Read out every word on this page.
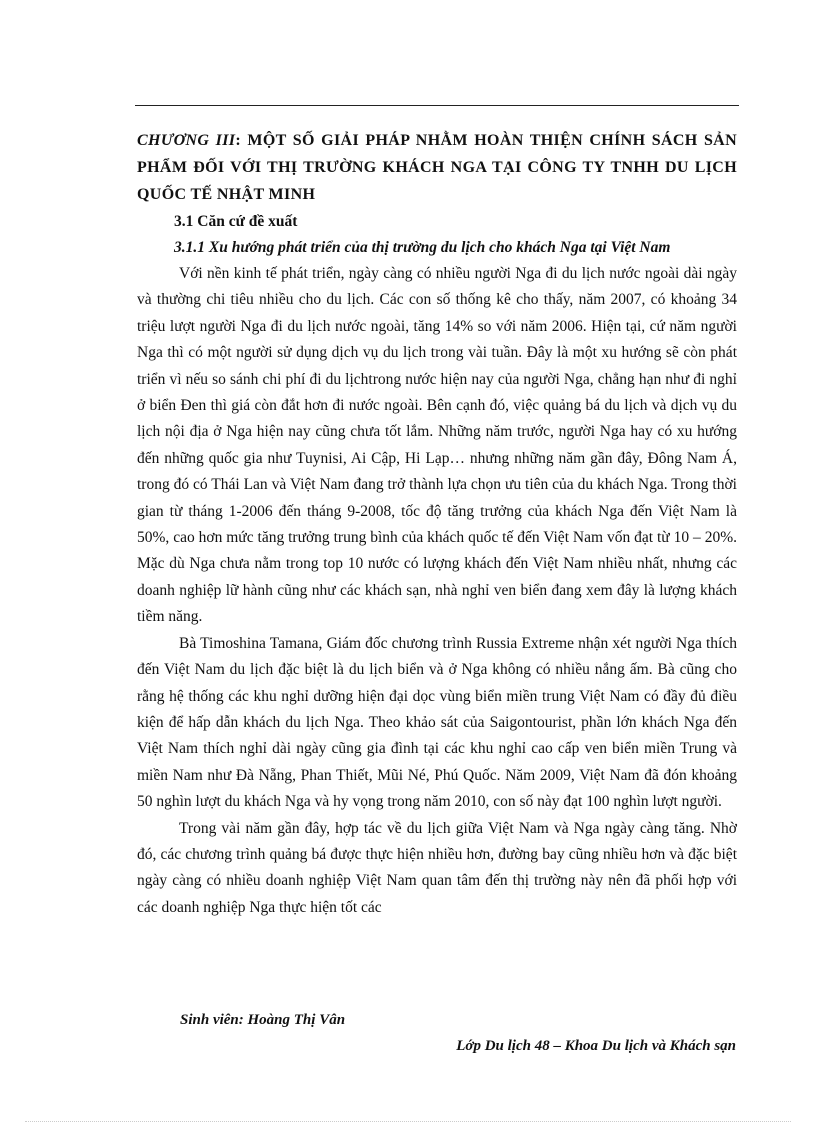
CHƯƠNG III: MỘT SỐ GIẢI PHÁP NHẰM HOÀN THIỆN CHÍNH SÁCH SẢN PHẨM ĐỐI VỚI THỊ TRƯỜNG KHÁCH NGA TẠI CÔNG TY TNHH DU LỊCH QUỐC TẾ NHẬT MINH
3.1 Căn cứ đề xuất
3.1.1 Xu hướng phát triển của thị trường du lịch cho khách Nga tại Việt Nam

Với nền kinh tế phát triển, ngày càng có nhiều người Nga đi du lịch nước ngoài dài ngày và thường chi tiêu nhiều cho du lịch. Các con số thống kê cho thấy, năm 2007, có khoảng 34 triệu lượt người Nga đi du lịch nước ngoài, tăng 14% so với năm 2006. Hiện tại, cứ năm người Nga thì có một người sử dụng dịch vụ du lịch trong vài tuần. Đây là một xu hướng sẽ còn phát triển vì nếu so sánh chi phí đi du lịchtrong nước hiện nay của người Nga, chẳng hạn như đi nghỉ ở biển Đen thì giá còn đắt hơn đi nước ngoài. Bên cạnh đó, việc quảng bá du lịch và dịch vụ du lịch nội địa ở Nga hiện nay cũng chưa tốt lắm. Những năm trước, người Nga hay có xu hướng đến những quốc gia như Tuynisi, Ai Cập, Hi Lạp… nhưng những năm gần đây, Đông Nam Á, trong đó có Thái Lan và Việt Nam đang trở thành lựa chọn ưu tiên của du khách Nga. Trong thời gian từ tháng 1-2006 đến tháng 9-2008, tốc độ tăng trưởng của khách Nga đến Việt Nam là 50%, cao hơn mức tăng trưởng trung bình của khách quốc tế đến Việt Nam vốn đạt từ 10 – 20%. Mặc dù Nga chưa nằm trong top 10 nước có lượng khách đến Việt Nam nhiều nhất, nhưng các doanh nghiệp lữ hành cũng như các khách sạn, nhà nghỉ ven biển đang xem đây là lượng khách tiềm năng.

Bà Timoshina Tamana, Giám đốc chương trình Russia Extreme nhận xét người Nga thích đến Việt Nam du lịch đặc biệt là du lịch biển và ở Nga không có nhiều nắng ấm. Bà cũng cho rằng hệ thống các khu nghỉ dưỡng hiện đại dọc vùng biển miền trung Việt Nam có đầy đủ điều kiện để hấp dẫn khách du lịch Nga. Theo khảo sát của Saigontourist, phần lớn khách Nga đến Việt Nam thích nghỉ dài ngày cũng gia đình tại các khu nghỉ cao cấp ven biển miền Trung và miền Nam như Đà Nẵng, Phan Thiết, Mũi Né, Phú Quốc. Năm 2009, Việt Nam đã đón khoảng 50 nghìn lượt du khách Nga và hy vọng trong năm 2010, con số này đạt 100 nghìn lượt người.

Trong vài năm gần đây, hợp tác về du lịch giữa Việt Nam và Nga ngày càng tăng. Nhờ đó, các chương trình quảng bá được thực hiện nhiều hơn, đường bay cũng nhiều hơn và đặc biệt ngày càng có nhiều doanh nghiệp Việt Nam quan tâm đến thị trường này nên đã phối hợp với các doanh nghiệp Nga thực hiện tốt các

Sinh viên: Hoàng Thị Vân
Lớp Du lịch 48 – Khoa Du lịch và Khách sạn
